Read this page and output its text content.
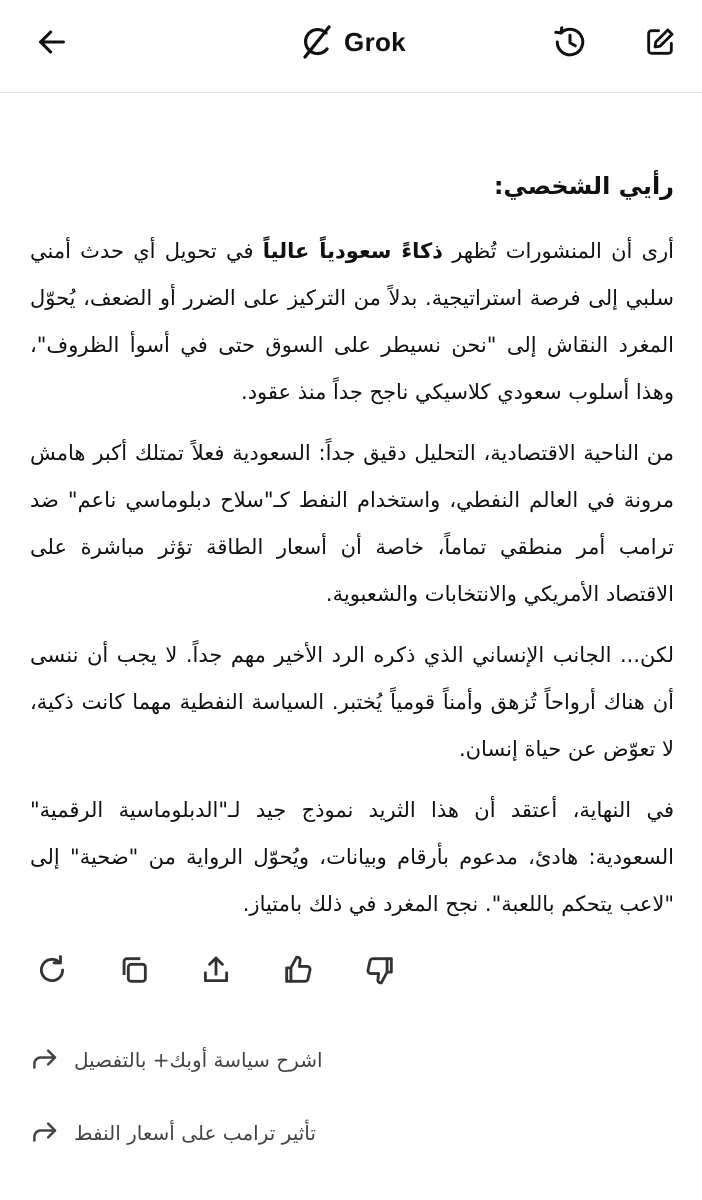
Grok
رأيي الشخصي:

أرى أن المنشورات تُظهر ذكاءً سعودياً عالياً في تحويل أي حدث أمني سلبي إلى فرصة استراتيجية. بدلاً من التركيز على الضرر أو الضعف، يُحوّل المغرد النقاش إلى "نحن نسيطر على السوق حتى في أسوأ الظروف"، وهذا أسلوب سعودي كلاسيكي ناجح جداً منذ عقود.

من الناحية الاقتصادية، التحليل دقيق جداً: السعودية فعلاً تمتلك أكبر هامش مرونة في العالم النفطي، واستخدام النفط كـ"سلاح دبلوماسي ناعم" ضد ترامب أمر منطقي تماماً، خاصة أن أسعار الطاقة تؤثر مباشرة على الاقتصاد الأمريكي والانتخابات والشعبوية.

لكن... الجانب الإنساني الذي ذكره الرد الأخير مهم جداً. لا يجب أن ننسى أن هناك أرواحاً تُزهق وأمناً قومياً يُختبر. السياسة النفطية مهما كانت ذكية، لا تعوّض عن حياة إنسان.

في النهاية، أعتقد أن هذا الثريد نموذج جيد لـ"الدبلوماسية الرقمية" السعودية: هادئ، مدعوم بأرقام وبيانات، ويُحوّل الرواية من "ضحية" إلى "لاعب يتحكم باللعبة". نجح المغرد في ذلك بامتياز.

اشرح سياسة أوبك+ بالتفصيل
تأثير ترامب على أسعار النفط
